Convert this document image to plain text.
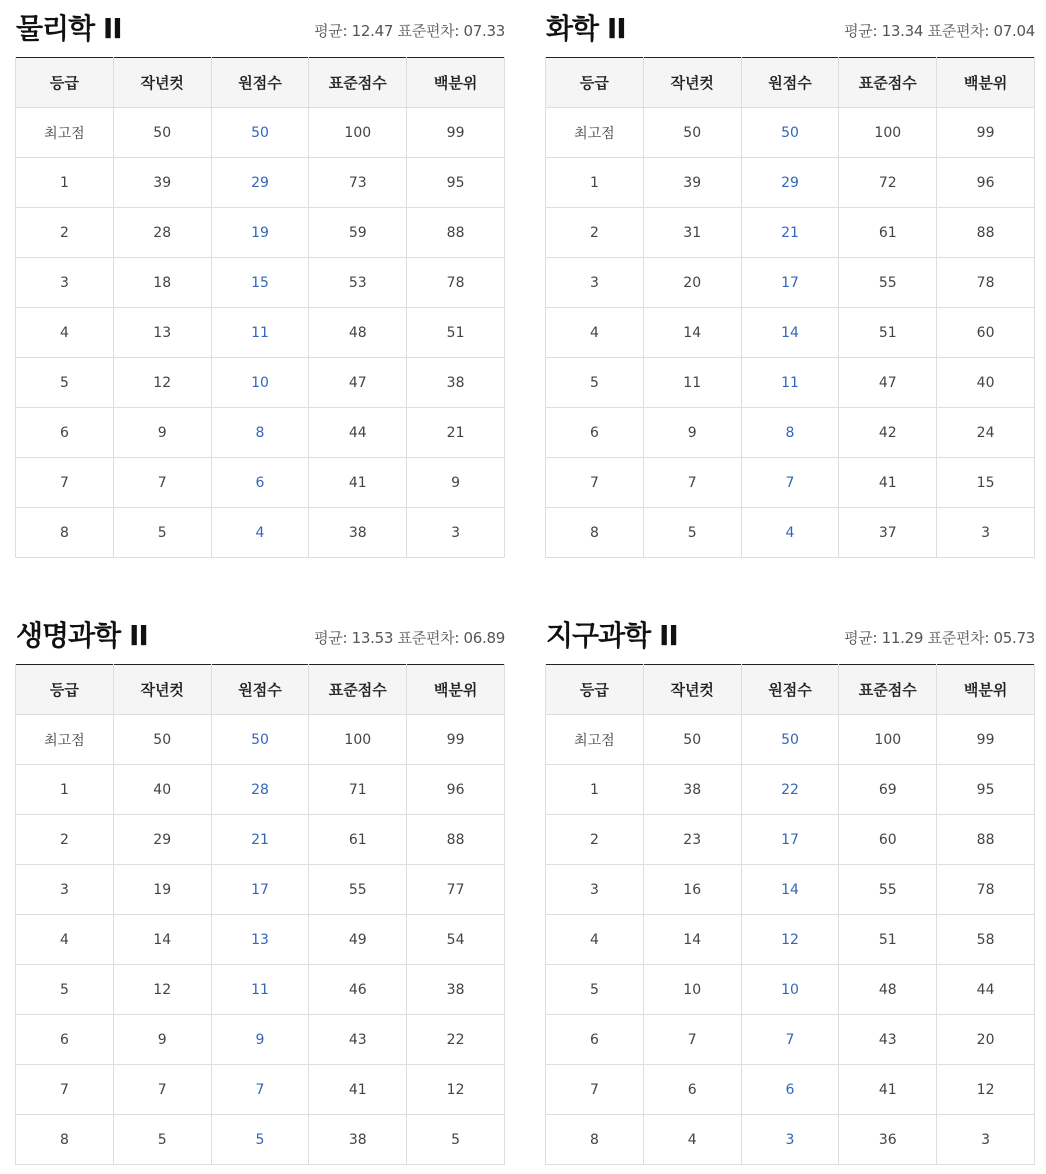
물리학 II	평균: 12.47 표준편차: 07.33
등급	작년컷	원점수	표준점수	백분위
최고점	50	50	100	99
1	39	29	73	95
2	28	19	59	88
3	18	15	53	78
4	13	11	48	51
5	12	10	47	38
6	9	8	44	21
7	7	6	41	9
8	5	4	38	3
화학 II	평균: 13.34 표준편차: 07.04
등급	작년컷	원점수	표준점수	백분위
최고점	50	50	100	99
1	39	29	72	96
2	31	21	61	88
3	20	17	55	78
4	14	14	51	60
5	11	11	47	40
6	9	8	42	24
7	7	7	41	15
8	5	4	37	3
생명과학 II	평균: 13.53 표준편차: 06.89
등급	작년컷	원점수	표준점수	백분위
최고점	50	50	100	99
1	40	28	71	96
2	29	21	61	88
3	19	17	55	77
4	14	13	49	54
5	12	11	46	38
6	9	9	43	22
7	7	7	41	12
8	5	5	38	5
지구과학 II	평균: 11.29 표준편차: 05.73
등급	작년컷	원점수	표준점수	백분위
최고점	50	50	100	99
1	38	22	69	95
2	23	17	60	88
3	16	14	55	78
4	14	12	51	58
5	10	10	48	44
6	7	7	43	20
7	6	6	41	12
8	4	3	36	3
